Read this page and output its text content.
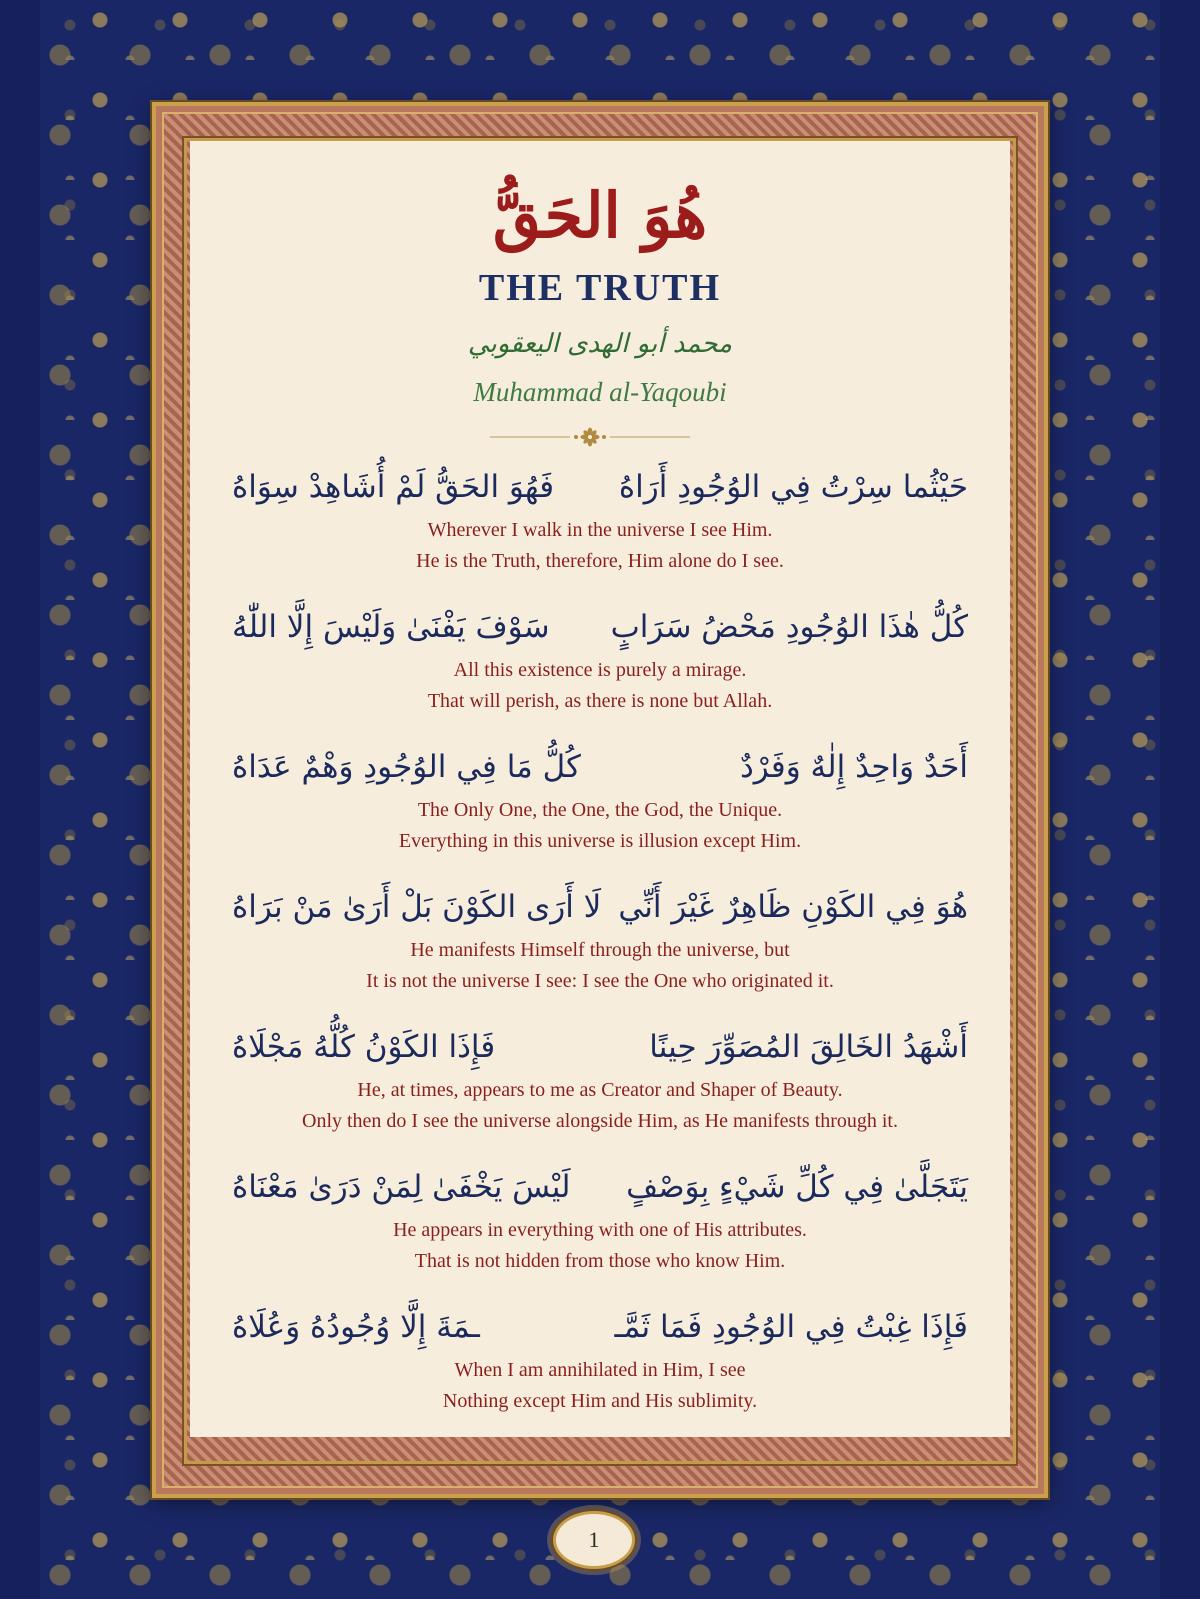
هُوَ الحَقُّ
THE TRUTH
محمد أبو الهدى اليعقوبي
Muhammad al-Yaqoubi
حَيْثُما سِرْتُ فِي الوُجُودِ أَرَاهُ
فَهُوَ الحَقُّ لَمْ أُشَاهِدْ سِوَاهُ
Wherever I walk in the universe I see Him.
He is the Truth, therefore, Him alone do I see.
كُلُّ هٰذَا الوُجُودِ مَحْضُ سَرَابٍ
سَوْفَ يَفْنَىٰ وَلَيْسَ إِلَّا اللّٰهُ
All this existence is purely a mirage.
That will perish, as there is none but Allah.
أَحَدٌ وَاحِدٌ إِلٰهٌ وَفَرْدٌ
كُلُّ مَا فِي الوُجُودِ وَهْمٌ عَدَاهُ
The Only One, the One, the God, the Unique.
Everything in this universe is illusion except Him.
هُوَ فِي الكَوْنِ ظَاهِرٌ غَيْرَ أَنِّي
لَا أَرَى الكَوْنَ بَلْ أَرَىٰ مَنْ بَرَاهُ
He manifests Himself through the universe, but
It is not the universe I see: I see the One who originated it.
أَشْهَدُ الخَالِقَ المُصَوِّرَ حِينًا
فَإِذَا الكَوْنُ كُلُّهُ مَجْلَاهُ
He, at times, appears to me as Creator and Shaper of Beauty.
Only then do I see the universe alongside Him, as He manifests through it.
يَتَجَلَّىٰ فِي كُلِّ شَيْءٍ بِوَصْفٍ
لَيْسَ يَخْفَىٰ لِمَنْ دَرَىٰ مَعْنَاهُ
He appears in everything with one of His attributes.
That is not hidden from those who know Him.
فَإِذَا غِبْتُ فِي الوُجُودِ فَمَا ثَمَّـ
ـمَةَ إِلَّا وُجُودُهُ وَعُلَاهُ
When I am annihilated in Him, I see
Nothing except Him and His sublimity.
1
